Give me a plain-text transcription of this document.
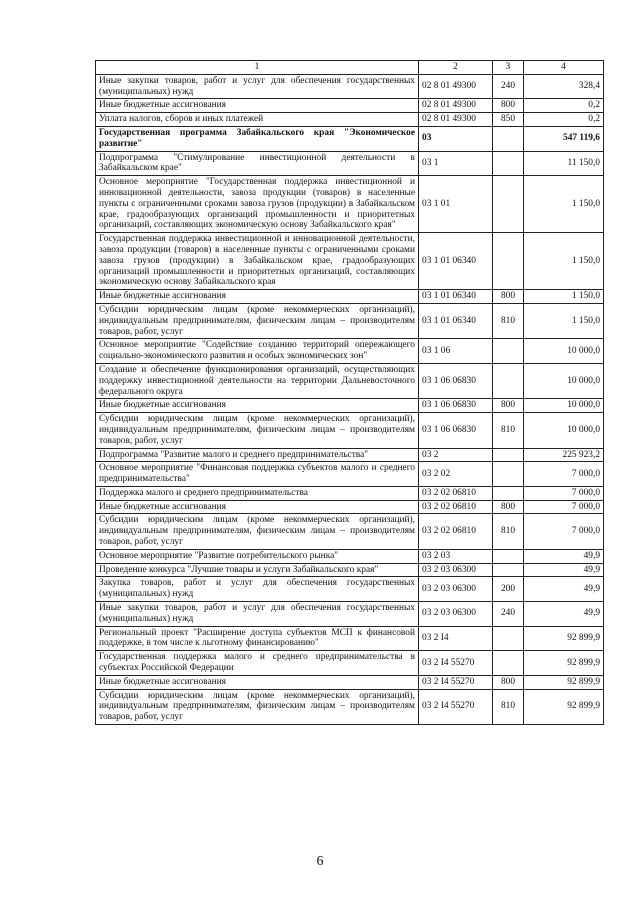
1	2	3	4
Иные закупки товаров, работ и услуг для обеспечения государственных (муниципальных) нужд	02 8 01 49300	240	328,4
Иные бюджетные ассигнования	02 8 01 49300	800	0,2
Уплата налогов, сборов и иных платежей	02 8 01 49300	850	0,2
Государственная программа Забайкальского края "Экономическое развитие"	03		547 119,6
Подпрограмма "Стимулирование инвестиционной деятельности в Забайкальском крае"	03 1		11 150,0
Основное мероприятие "Государственная поддержка инвестиционной и инновационной деятельности, завоза продукции (товаров) в населенные пункты с ограниченными сроками завоза грузов (продукции) в Забайкальском крае, градообразующих организаций промышленности и приоритетных организаций, составляющих экономическую основу Забайкальского края"	03 1 01		1 150,0
Государственная поддержка инвестиционной и инновационной деятельности, завоза продукции (товаров) в населенные пункты с ограниченными сроками завоза грузов (продукции) в Забайкальском крае, градообразующих организаций промышленности и приоритетных организаций, составляющих экономическую основу Забайкальского края	03 1 01 06340		1 150,0
Иные бюджетные ассигнования	03 1 01 06340	800	1 150,0
Субсидии юридическим лицам (кроме некоммерческих организаций), индивидуальным предпринимателям, физическим лицам – производителям товаров, работ, услуг	03 1 01 06340	810	1 150,0
Основное мероприятие "Содействие созданию территорий опережающего социально-экономического развития и особых экономических зон"	03 1 06		10 000,0
Создание и обеспечение функционирования организаций, осуществляющих поддержку инвестиционной деятельности на территории Дальневосточного федерального округа	03 1 06 06830		10 000,0
Иные бюджетные ассигнования	03 1 06 06830	800	10 000,0
Субсидии юридическим лицам (кроме некоммерческих организаций), индивидуальным предпринимателям, физическим лицам – производителям товаров, работ, услуг	03 1 06 06830	810	10 000,0
Подпрограмма "Развитие малого и среднего предпринимательства"	03 2		225 923,2
Основное мероприятие "Финансовая поддержка субъектов малого и среднего предпринимательства"	03 2 02		7 000,0
Поддержка малого и среднего предпринимательства	03 2 02 06810		7 000,0
Иные бюджетные ассигнования	03 2 02 06810	800	7 000,0
Субсидии юридическим лицам (кроме некоммерческих организаций), индивидуальным предпринимателям, физическим лицам – производителям товаров, работ, услуг	03 2 02 06810	810	7 000,0
Основное мероприятие "Развитие потребительского рынка"	03 2 03		49,9
Проведение конкурса "Лучшие товары и услуги Забайкальского края"	03 2 03 06300		49,9
Закупка товаров, работ и услуг для обеспечения государственных (муниципальных) нужд	03 2 03 06300	200	49,9
Иные закупки товаров, работ и услуг для обеспечения государственных (муниципальных) нужд	03 2 03 06300	240	49,9
Региональный проект "Расширение доступа субъектов МСП к финансовой поддержке, в том числе к льготному финансированию"	03 2 I4		92 899,9
Государственная поддержка малого и среднего предпринимательства в субъектах Российской Федерации	03 2 I4 55270		92 899,9
Иные бюджетные ассигнования	03 2 I4 55270	800	92 899,9
Субсидии юридическим лицам (кроме некоммерческих организаций), индивидуальным предпринимателям, физическим лицам – производителям товаров, работ, услуг	03 2 I4 55270	810	92 899,9
6
